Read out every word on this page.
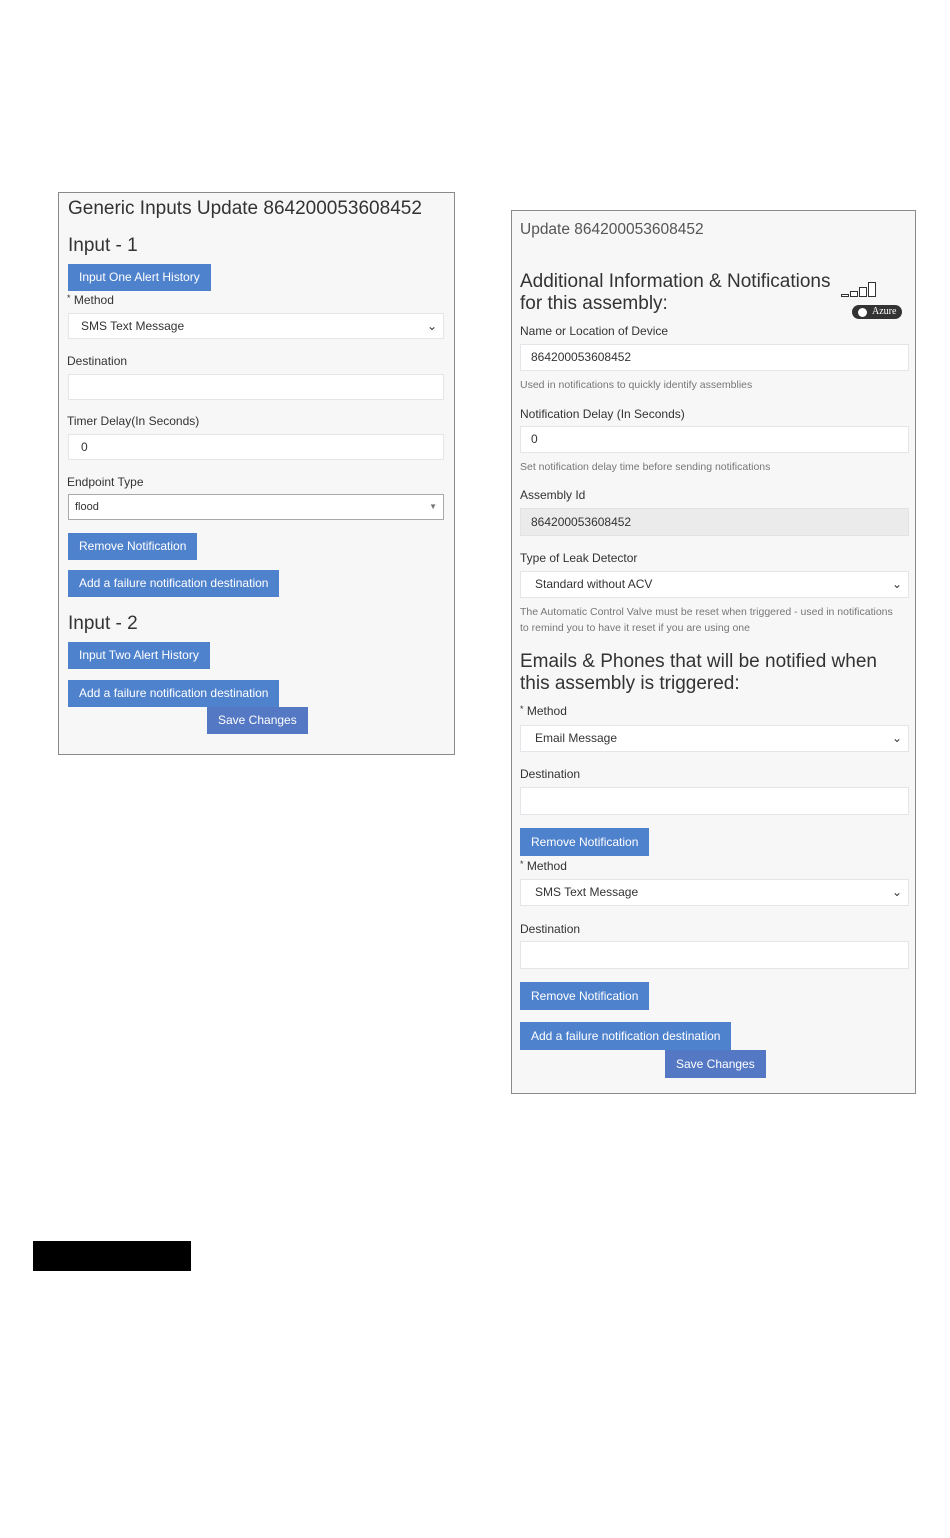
Generic Inputs Update 864200053608452
Input - 1
Input One Alert History
* Method
SMS Text Message	⌄
Destination
Timer Delay(In Seconds)
0
Endpoint Type
flood	▼
Remove Notification
Add a failure notification destination
Input - 2
Input Two Alert History
Add a failure notification destination
Save Changes
Update 864200053608452
Additional Information & Notifications
for this assembly:	Azure
Name or Location of Device
864200053608452
Used in notifications to quickly identify assemblies
Notification Delay (In Seconds)
0
Set notification delay time before sending notifications
Assembly Id
864200053608452
Type of Leak Detector
Standard without ACV	⌄
The Automatic Control Valve must be reset when triggered - used in notifications
to remind you to have it reset if you are using one
Emails & Phones that will be notified when
this assembly is triggered:
* Method
Email Message	⌄
Destination
Remove Notification
* Method
SMS Text Message	⌄
Destination
Remove Notification
Add a failure notification destination
Save Changes
